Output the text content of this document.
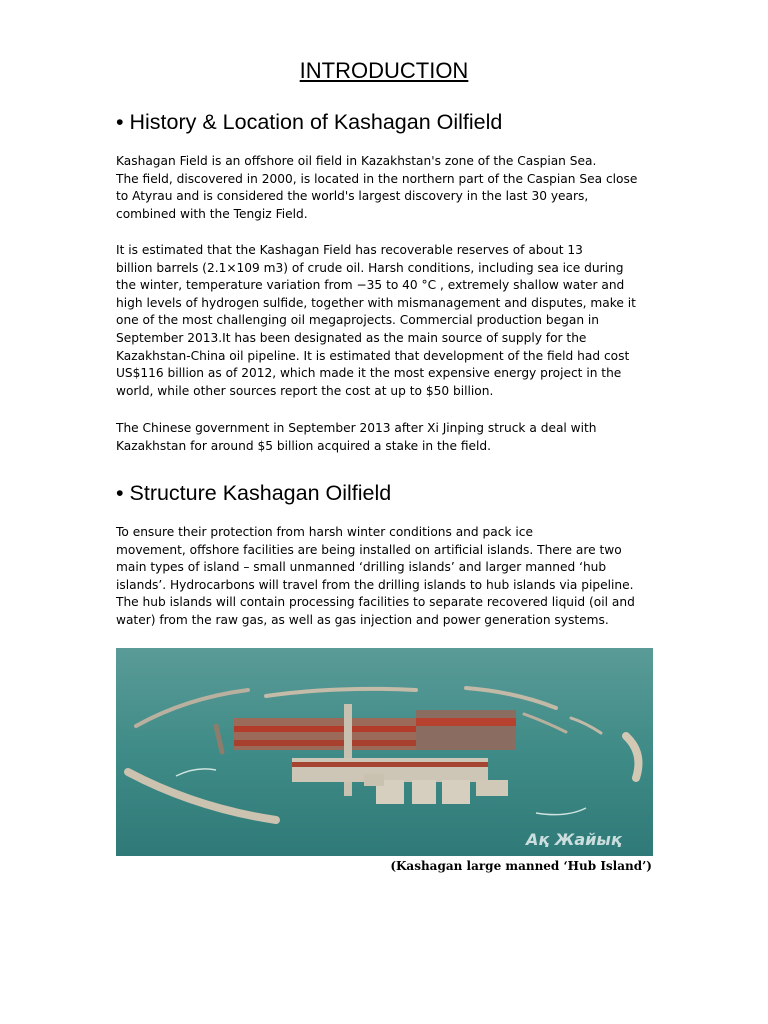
INTRODUCTION
• History & Location of Kashagan Oilfield
Kashagan Field is an offshore oil field in Kazakhstan's zone of the Caspian Sea.
The field, discovered in 2000, is located in the northern part of the Caspian Sea close
to Atyrau and is considered the world's largest discovery in the last 30 years,
combined with the Tengiz Field.
It is estimated that the Kashagan Field has recoverable reserves of about 13
billion barrels (2.1×109 m3) of crude oil. Harsh conditions, including sea ice during
the winter, temperature variation from −35 to 40 °C , extremely shallow water and
high levels of hydrogen sulfide, together with mismanagement and disputes, make it
one of the most challenging oil megaprojects. Commercial production began in
September 2013.It has been designated as the main source of supply for the
Kazakhstan-China oil pipeline. It is estimated that development of the field had cost
US$116 billion as of 2012, which made it the most expensive energy project in the
world, while other sources report the cost at up to $50 billion.
The Chinese government in September 2013 after Xi Jinping struck a deal with
Kazakhstan for around $5 billion acquired a stake in the field.
• Structure Kashagan Oilfield
To ensure their protection from harsh winter conditions and pack ice
movement, offshore facilities are being installed on artificial islands. There are two
main types of island – small unmanned ‘drilling islands’ and larger manned ‘hub
islands’. Hydrocarbons will travel from the drilling islands to hub islands via pipeline.
The hub islands will contain processing facilities to separate recovered liquid (oil and
water) from the raw gas, as well as gas injection and power generation systems.
Ақ Жайық
(Kashagan large manned ‘Hub Island’)
